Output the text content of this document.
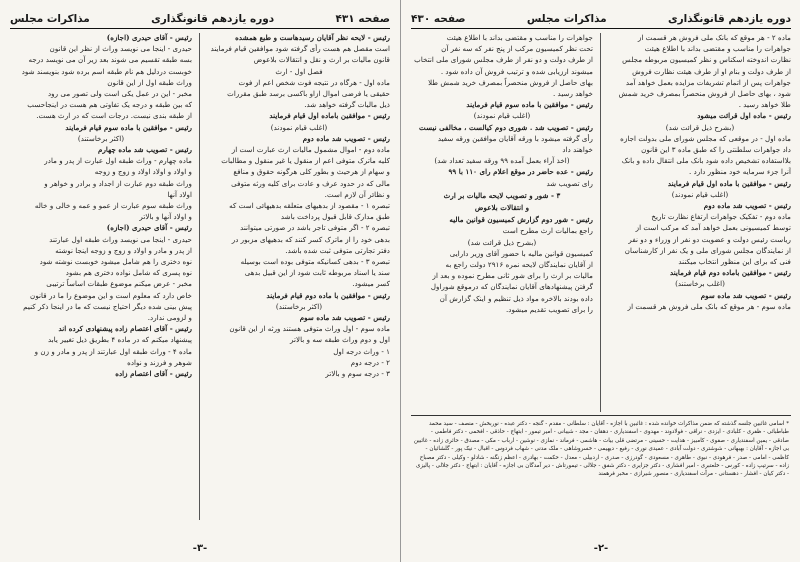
صفحه ۴۳۱
دوره یازدهم قانونگذاری
مذاکرات مجلس

رئیس - لایحه نظر آقایان رسیدهاست و طبع همشده

است مقصل هم هست رأی گرفته شود موافقین قیام فرمایند

قانون مالیات بر ارث و نقل و انتقالات بلاعوض

فصل اول - ارث

ماده اول - هرگاه در نتیجه فوت شخص اعم از فوت

حقیقی یا فرضی اموال ازاو باکسی برسد طبق مقررات

ذیل مالیات گرفته خواهد شد.

رئیس - موافقین باماده اول قیام فرمایند

(اغلب قیام نمودند)

رئیس - تصویب شد ماده دوم

ماده دوم - اموال مشمول مالیات ارث عبارت است از

کلیه ماترک متوفی اعم از منقول یا غیر منقول و مطالبات

و سهام از هرحیث و بطور کلی هرگونه حقوق و منافع

مالی که در حدود عرف و عادت برای کلیه ورثه متوفی

و نظائر آن لازم است.

تبصره ۱ - مقصود از بدهیهای متعلقه بدهیهائی است که

طبق مدارک قابل قبول پرداخت باشد

تبصره ۲ - اگر متوفی تاجر باشد در صورتی میتوانند

بدهی خود را از ماترک کسر کنند که بدهیهای مزبور در

دفتر تجارتی متوفی ثبت شده باشد.

تبصره ۳ - بدهی کسانیکه متوفی بوده است بوسیله

سند یا اسناد مربوطه ثابت شود از این قبیل بدهی

کسر میشود.

رئیس - موافقین با ماده دوم قیام فرمایند

(اکثر برخاستند)

رئیس - تصویب شد ماده سوم

ماده سوم - اول وراث متوفی هستند ورثه از این قانون

اول و دوم وراث طبقه سه و بالاتر

۱ - وراث درجه اول

۲ - درجه دوم

۳ - درجه سوم و بالاتر

رئیس - آقای حیدری (اجازه)

حیدری - اینجا می نویسد وراث از نظر این قانون

بسه طبقه تقسیم می شوند بعد زیر آن می نویسد درجه

خوبست دردلیل هم نام طبقه اسم برده شود بنویسند شود

وراث طبقه اول از این قانون

مخبر - این در عمل یکی است ولی تصور می رود

که بین طبقه و درجه یک تفاوتی هم هست در اینجاحسب

از طبقه بندی نیست. درجات است که در ارث هست.

رئیس - موافقین با ماده سوم قیام فرمایند

(اکثر برخاستند)

رئیس - تصویب شد ماده چهارم

ماده چهارم - وراث طبقه اول عبارت از پدر و مادر

و اولاد و اولاد اولاد و زوج و زوجه

وراث طبقه دوم عبارت از اجداد و برادر و خواهر و

اولاد آنها

وراث طبقه سوم عبارت از عمو و عمه و خالی و خاله

و اولاد آنها و بالاتر

رئیس - آقای حیدری (اجازه)

حیدری - اینجا می نویسد وراث طبقه اول عبارتند

از پدر و مادر و اولاد و زوج و زوجه اینجا نوشته

نوه دختری را هم شامل میشود خوبست نوشته شود

نوه پسری که شامل نواده دختری هم بشود

مخبر - عرض میکنم موضوع طبقات اساساً ترتیبی

خاص دارد که معلوم است و این موضوع را ما در قانون

پیش بینی شده دیگر احتیاج نیست که ما در اینجا ذکر کنیم

و لزومی ندارد.

رئیس - آقای اعتصام زاده پیشنهادی کرده اند

پیشنهاد میکنم که در ماده ۴ بطریق ذیل تغییر یابد

ماده ۴ - وراث طبقه اول عبارتند از پدر و مادر و زن و

شوهر و فرزند و نواده

رئیس - آقای اعتصام زاده

-۳-
دوره یازدهم قانونگذاری
مذاکرات مجلس
صفحه ۴۳۰

ماده ۲ - هر موقع که بانک ملی فروش هر قسمت از

جواهرات را مناسب و مقتضی بداند با اطلاع هیئت

نظارت اندوخته اسکناس و نظر کمیسیون مربوطه مجلس

از طرف دولت و بنام او از طرف هیئت نظارت فروش

جواهرات پس از اتمام تشریفات مزایده بعمل خواهد آمد

شود ، بهای حاصل از فروش منحصراً بمصرف خرید شمش

طلا خواهد رسید .

رئیس - ماده اول قرائت میشود

(بشرح ذیل قرائت شد)

ماده اول - در موقعی که مجلس شورای ملی بدولت اجازه

داد جواهرات سلطنتی را که طبق ماده ۳ این قانون

بلااستفاده تشخیص داده شود بانک ملی انتقال داده و بانک

آنرا جزء سرمایه خود منظور دارد .

رئیس - موافقین با ماده اول قیام فرمایند

(اغلب قیام نمودند)

رئیس - تصویب شد ماده دوم

ماده دوم - تفکیک جواهرات ارتفاع نظارت تاریخ

توسط کمیسیونی بعمل خواهد آمد که مرکب است از

ریاست رئیس دولت و عضویت دو نفر از وزراء و دو نفر

از نمایندگان مجلس شورای ملی و یک نفر از کارشناسان

فنی که برای این منظور انتخاب میکنند

رئیس - موافقین باماده دوم قیام فرمایند

(اغلب برخاستند)

رئیس - تصویب شد ماده سوم

ماده سوم - هر موقع که بانک ملی فروش هر قسمت از

جواهرات را مناسب و مقتضی بداند با اطلاع هیئت

تحت نظر کمیسیون مرکب از پنج نفر که سه نفر آن

از طرف دولت و دو نفر از طرف مجلس شورای ملی انتخاب

میشوند ارزیابی شده و ترتیب فروش آن داده شود .

بهای حاصل از فروش منحصراً بمصرف خرید شمش طلا

خواهد رسید .

رئیس - موافقین با ماده سوم قیام فرمایند

(اغلب قیام نمودند)

رئیس - تصویب شد . شوری دوم کیالست ، مخالفی نیست

رأی گرفته میشود با ورقه آقایان موافقین ورقه سفید

خواهند داد

(اخذ آراء بعمل آمده ۹۹ ورقه سفید تعداد شد)

رئیس - عده حاضر در موقع اعلام رای ۱۱۰ با ۹۹

رای تصویب شد

۳ - شور و تصویب لایحه مالیات بر ارث

و انتقالات بلاعوض

رئیس - شور دوم گزارش کمیسیون قوانین مالیه

راجع بمالیات ارث مطرح است

(بشرح ذیل قرائت شد)

کمیسیون قوانین مالیه با حضور آقای وزیر دارایی

از آقایان نمایندگان لایحه نمره ۲۹۱۶ دولت راجع به

مالیات بر ارث را برای شور ثانی مطرح نموده و بعد از

گرفتن پیشنهادهای آقایان نمایندگان که درموقع شوراول

داده بودند بالاخره مواد ذیل تنظیم و اینک گزارش آن

را برای تصویب تقدیم میشود.

* اسامی غائبین جلسه گذشته که ضمن مذاکرات خوانده شده : غائبین با اجازه - آقایان : سلطانی - مقدم - گنجه - دکتر عبده - نوربخش - منصف - سید محمد طباطبائی - ظفری - کلبادی - ایزدی - نراقی - فولادوند - مهدوی - اسفندیاری - دهقان - مجد - شیبانی - امیر تیمور - ابتهاج - حاذقی - افخمی - دکتر فاطمی - صادقی - یمین اسفندیاری - صفوی - کامبیز - هدایت - حسینی - مرتضی قلی بیات - هاشمی - فرماند - نمازی - نوشین - ارباب - مکی - مصدق - حائری زاده - غائبین بی اجازه - آقایان : بهبهانی - شوشتری - دولت آبادی - عمیدی نوری - رفیع - دیهیمی - خسروشاهی - ملک مدنی - شهاب فردوس - اقبال - نیک پور - گلشائیان - کاظمی - امامی - صدر - فرهودی - نبوی - طاهری - مسعودی - گودرزی - صدری - اردبیلی - معدل - حکمت - بهادری - اعظم زنگنه - شادلو - وکیلی - دکتر مصباح زاده - سرتیپ زاده - کورس - خلعتبری - امیر افشاری - دکتر جزایری - دکتر شفق - جلالی - تیمورتاش - دیر آمدگان بی اجازه - آقایان : ابتهاج - دکتر جلالی - پالیزی - دکتر کیان - افشار - دهستانی - مرآت اسفندیاری - منصور شیرازی - مخبر فرهمند
-۲-
